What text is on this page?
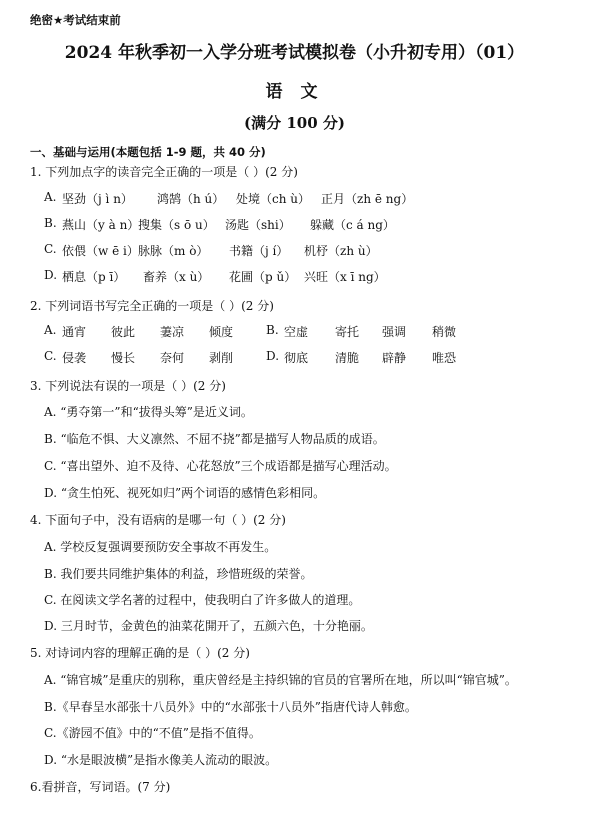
绝密★考试结束前
2024 年秋季初一入学分班考试模拟卷（小升初专用）（01）
语 文
(满分 100 分)
一、基础与运用(本题包括 1-9 题，共 40 分)
1. 下列加点字的读音完全正确的一项是（ ）(2 分)
A. 坚劲（j ì n） 鸿鹄（h ú） 处境（ch ù） 正月（zh ē ng）
B. 燕山（y à n）
搜集（s ō u） 汤匙（shi） 躲藏（c á ng）
C. 依偎（w ē i） 脉脉（m ò） 书籍（j í） 机杼（zh ù）
D. 栖息（p ī） 畜养（x ù） 花圃（p ǔ） 兴旺（x ī ng）
2. 下列词语书写完全正确的一项是（ ）(2 分)
A. 通宵 彼此 萋凉 倾度	B. 空虚 寄托 强调 稍微
C. 侵袭 慢长 奈何 剥削	D. 彻底 清脆 辟静 唯恐
3. 下列说法有误的一项是（ ）(2 分)
A. “勇夺第一”和“拔得头筹”是近义词。
B. “临危不惧、大义凛然、不屈不挠”都是描写人物品质的成语。
C. “喜出望外、迫不及待、心花怒放”三个成语都是描写心理活动。
D. “贪生怕死、视死如归”两个词语的感情色彩相同。
4. 下面句子中，没有语病的是哪一句（ ）(2 分)
A. 学校反复强调要预防安全事故不再发生。
B. 我们要共同维护集体的利益，珍惜班级的荣誉。
C. 在阅读文学名著的过程中，使我明白了许多做人的道理。
D. 三月时节，金黄色的油菜花開开了，五颜六色，十分艳丽。
5. 对诗词内容的理解正确的是（ ）(2 分)
A. “锦官城”是重庆的别称，重庆曾经是主持织锦的官员的官署所在地，所以叫“锦官城”。
B.《早春呈水部张十八员外》中的“水部张十八员外”指唐代诗人韩愈。
C.《游园不值》中的“不值”是指不值得。
D. “水是眼波横”是指水像美人流动的眼波。
6.看拼音，写词语。(7 分)
